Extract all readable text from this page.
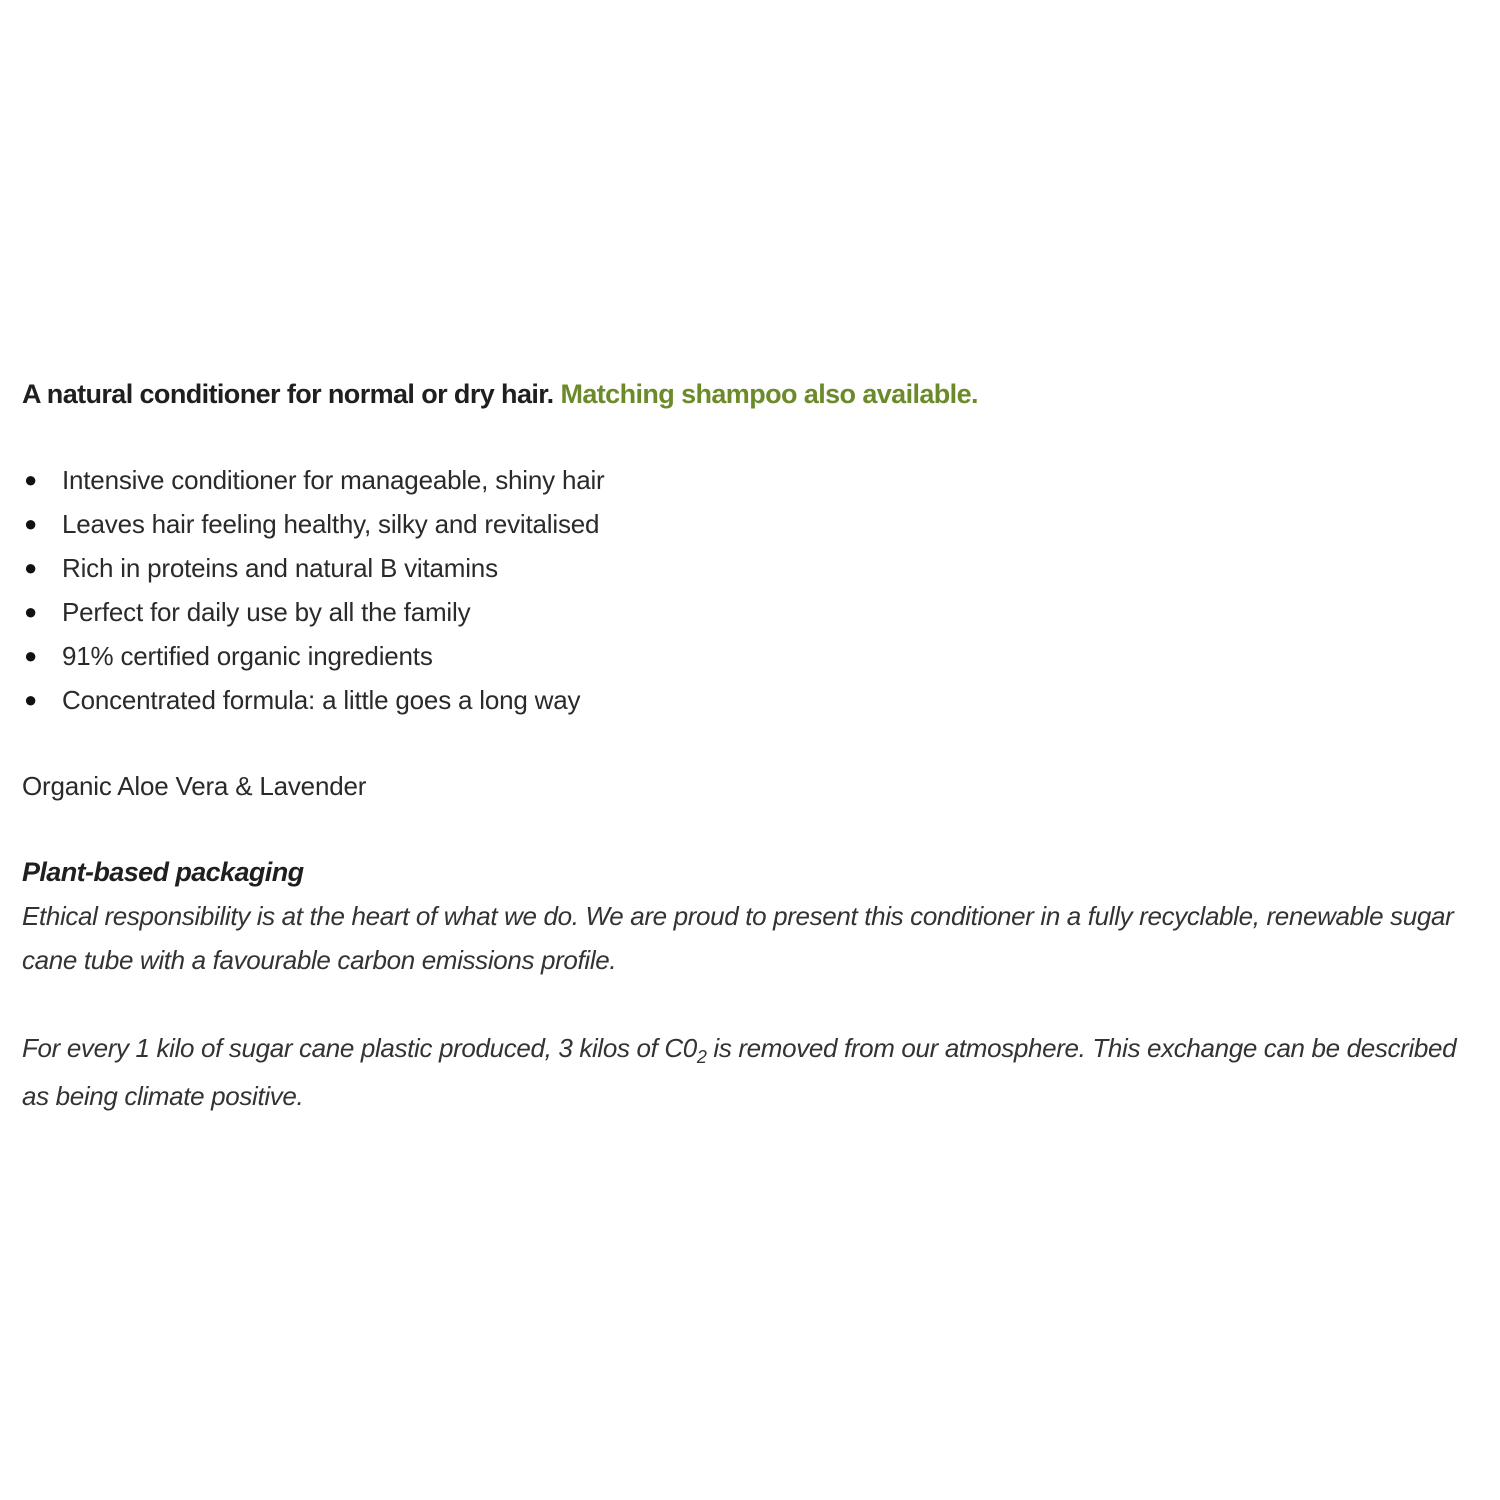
A natural conditioner for normal or dry hair. Matching shampoo also available.

● Intensive conditioner for manageable, shiny hair
● Leaves hair feeling healthy, silky and revitalised
● Rich in proteins and natural B vitamins
● Perfect for daily use by all the family
● 91% certified organic ingredients
● Concentrated formula: a little goes a long way

Organic Aloe Vera & Lavender

Plant-based packaging

Ethical responsibility is at the heart of what we do. We are proud to present this conditioner in a fully recyclable, renewable sugar cane tube with a favourable carbon emissions profile.

For every 1 kilo of sugar cane plastic produced, 3 kilos of $C0_2$ is removed from our atmosphere. This exchange can be described as being climate positive.
